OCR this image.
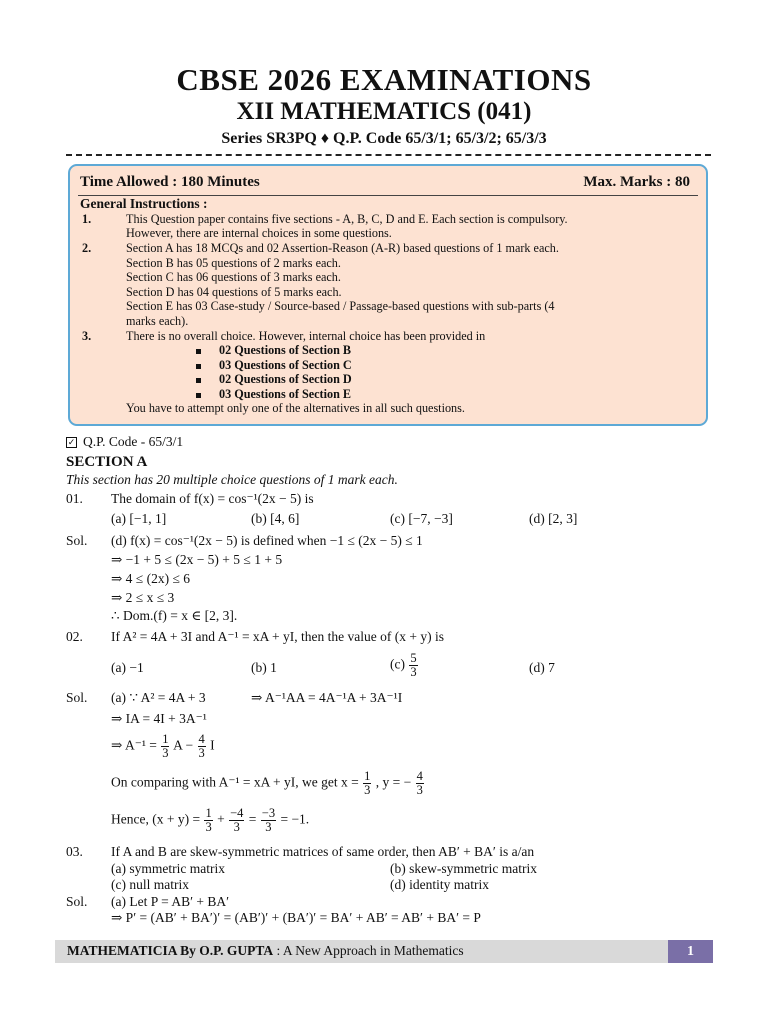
CBSE 2026 EXAMINATIONS
XII MATHEMATICS (041)
Series SR3PQ ♦ Q.P. Code 65/3/1; 65/3/2; 65/3/3
Time Allowed : 180 Minutes	Max. Marks : 80
General Instructions :
1.	This Question paper contains five sections - A, B, C, D and E. Each section is compulsory.
However, there are internal choices in some questions.
2.	Section A has 18 MCQs and 02 Assertion-Reason (A-R) based questions of 1 mark each.
Section B has 05 questions of 2 marks each.
Section C has 06 questions of 3 marks each.
Section D has 04 questions of 5 marks each.
Section E has 03 Case-study / Source-based / Passage-based questions with sub-parts (4
marks each).
3.	There is no overall choice. However, internal choice has been provided in
02 Questions of Section B
03 Questions of Section C
02 Questions of Section D
03 Questions of Section E
You have to attempt only one of the alternatives in all such questions.
✓ Q.P. Code - 65/3/1
SECTION A
This section has 20 multiple choice questions of 1 mark each.
01. The domain of f(x) = cos⁻¹(2x − 5) is
(a) [−1, 1]	(b) [4, 6]	(c) [−7, −3]	(d) [2, 3]
Sol. (d) f(x) = cos⁻¹(2x − 5) is defined when −1 ≤ (2x − 5) ≤ 1
⇒ −1 + 5 ≤ (2x − 5) + 5 ≤ 1 + 5
⇒ 4 ≤ (2x) ≤ 6
⇒ 2 ≤ x ≤ 3
∴ Dom.(f) = x ∈ [2, 3].
02. If A² = 4A + 3I and A⁻¹ = xA + yI, then the value of (x + y) is
(a) −1	(b) 1	$(c) \frac{5}{3}$	(d) 7
Sol. (a) ∵ A² = 4A + 3	⇒ A⁻¹AA = 4A⁻¹A + 3A⁻¹I
⇒ IA = 4I + 3A⁻¹
⇒ $A^{-1} = \frac{1}{3}$ $A - \frac{4}{3}$ I
On comparing with A⁻¹ = xA + yI, we get $x = \frac{1}{3}$ , y = − $\frac{4}{3}$
Hence, $(x + y) = \frac{1}{3} + \frac{-4}{3} = \frac{-3}{3} = -1$.
03. If A and B are skew-symmetric matrices of same order, then AB′ + BA′ is a/an
(a) symmetric matrix	(b) skew-symmetric matrix
(c) null matrix	(d) identity matrix
Sol. (a) Let P = AB′ + BA′
⇒ P′ = (AB′ + BA′)′ = (AB′)′ + (BA′)′ = BA′ + AB′ = AB′ + BA′ = P
MATHEMATICIA By O.P. GUPTA : A New Approach in Mathematics	1
